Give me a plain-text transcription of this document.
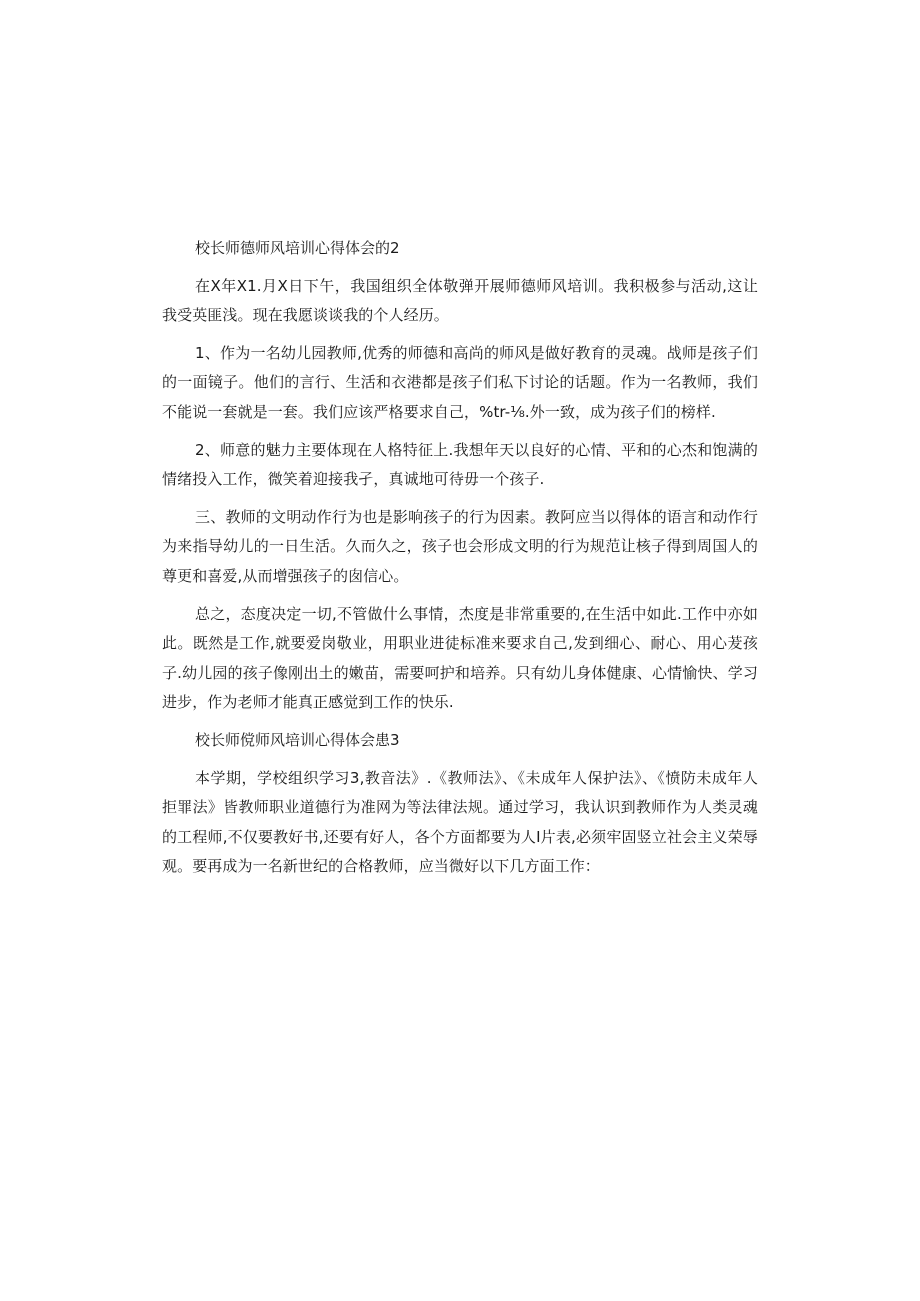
校长师德师风培训心得体会的2

在X年X1.月X日下午，我国组织全体敬弹开展师德师风培训。我积极参与活动,这让我受英匪浅。现在我愿谈谈我的个人经历。

1、作为一名幼儿园教师,优秀的师德和高尚的师风是做好教育的灵魂。战师是孩子们的一面镜子。他们的言行、生活和衣港都是孩子们私下讨论的话题。作为一名教师，我们不能说一套就是一套。我们应该严格要求自己，%tr-⅛.外一致，成为孩子们的榜样.

2、师意的魅力主要体现在人格特征上.我想年天以良好的心情、平和的心杰和饱满的情绪投入工作，微笑着迎接我孑，真诚地可待毋一个孩子.

三、教师的文明动作行为也是影响孩子的行为因素。教阿应当以得体的语言和动作行为来指导幼儿的一日生活。久而久之，孩子也会形成文明的行为规范让核子得到周国人的尊更和喜爱,从而增强孩子的囱信心。

总之，态度决定一切,不管做什么事情，杰度是非常重要的,在生活中如此.工作中亦如此。既然是工作,就要爱岗敬业，用职业进徒标准来要求自己,发到细心、耐心、用心茇孩子.幼儿园的孩子像刚出土的嫩苗，需要呵护和培养。只有幼儿身体健康、心情愉快、学习进步，作为老师才能真正感觉到工作的快乐.

校长师傥师风培训心得体会患3

本学期，学校组织学习3,教音法》.《教师法》、《未成年人保护法》、《愤防未成年人拒罪法》皆教师职业道德行为准网为等法律法规。通过学习，我认识到教师作为人类灵魂的工程师,不仅要教好书,还要有好人，各个方面都要为人I片表,必须牢固竖立社会主义荣辱观。要再成为一名新世纪的合格教师，应当微好以下几方面工作：
